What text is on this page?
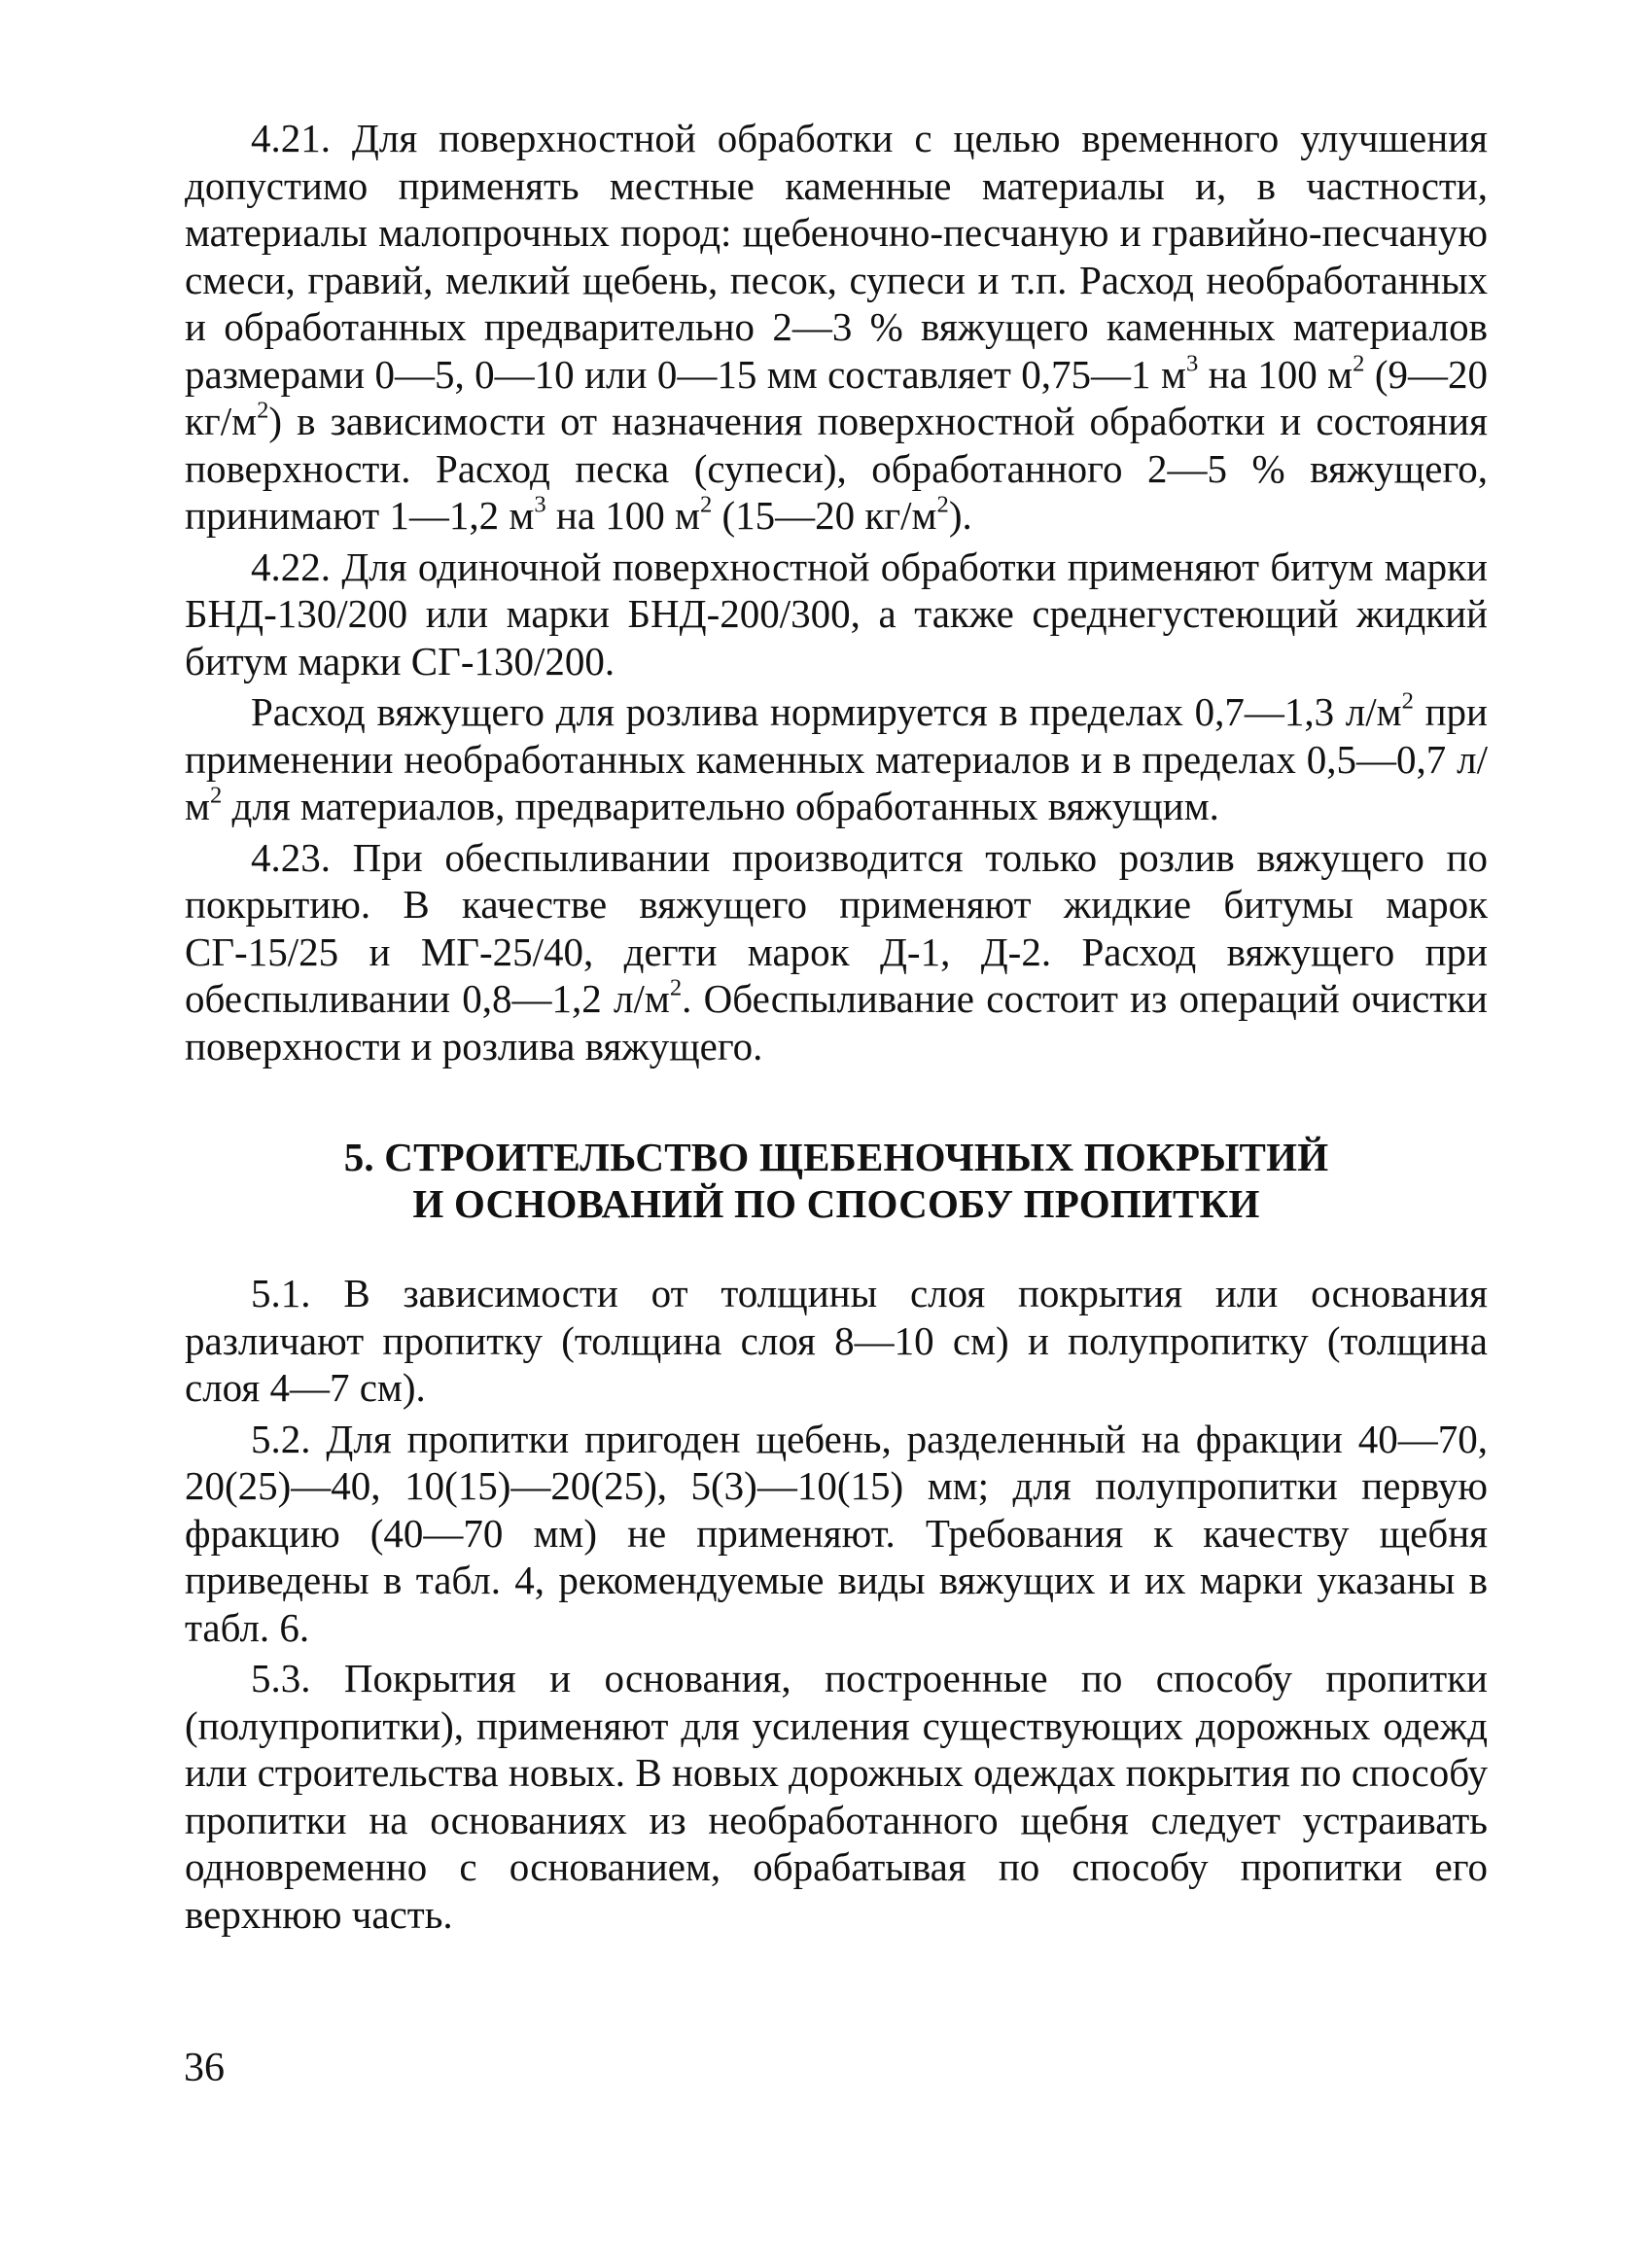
4.21. Для поверхностной обработки с целью временного улучшения допустимо применять местные каменные материалы и, в частности, материалы малопрочных пород: щебеночно-песчаную и гравийно-песчаную смеси, гравий, мелкий щебень, песок, супеси и т.п. Расход необработанных и обработанных предварительно 2—3 % вяжущего каменных материалов размерами 0—5, 0—10 или 0—15 мм составляет 0,75—1 $м^3$ на 100 $м^2$ (9—20 $кг/м^2$) в зависимости от назначения поверхностной обработки и состояния поверхности. Расход песка (супеси), обработанного 2—5 % вяжущего, принимают 1—1,2 $м^3$ на 100 $м^2$ (15—20 $кг/м^2$).

4.22. Для одиночной поверхностной обработки применяют битум марки БНД-130/200 или марки БНД-200/300, а также среднегустеющий жидкий битум марки СГ-130/200.

Расход вяжущего для розлива нормируется в пределах 0,7—1,3 $л/м^2$ при применении необработанных каменных материалов и в пределах 0,5—0,7 $л/м^2$ для материалов, предварительно обработанных вяжущим.

4.23. При обеспыливании производится только розлив вяжущего по покрытию. В качестве вяжущего применяют жидкие битумы марок СГ-15/25 и МГ-25/40, дегти марок Д-1, Д-2. Расход вяжущего при обеспыливании 0,8—1,2 $л/м^2$. Обеспыливание состоит из операций очистки поверхности и розлива вяжущего.

5. СТРОИТЕЛЬСТВО ЩЕБЕНОЧНЫХ ПОКРЫТИЙ
И ОСНОВАНИЙ ПО СПОСОБУ ПРОПИТКИ

5.1. В зависимости от толщины слоя покрытия или основания различают пропитку (толщина слоя 8—10 см) и полупропитку (толщина слоя 4—7 см).

5.2. Для пропитки пригоден щебень, разделенный на фракции 40—70, 20(25)—40, 10(15)—20(25), 5(3)—10(15) мм; для полупропитки первую фракцию (40—70 мм) не применяют. Требования к качеству щебня приведены в табл. 4, рекомендуемые виды вяжущих и их марки указаны в табл. 6.

5.3. Покрытия и основания, построенные по способу пропитки (полупропитки), применяют для усиления существующих дорожных одежд или строительства новых. В новых дорожных одеждах покрытия по способу пропитки на основаниях из необработанного щебня следует устраивать одновременно с основанием, обрабатывая по способу пропитки его верхнюю часть.

36
